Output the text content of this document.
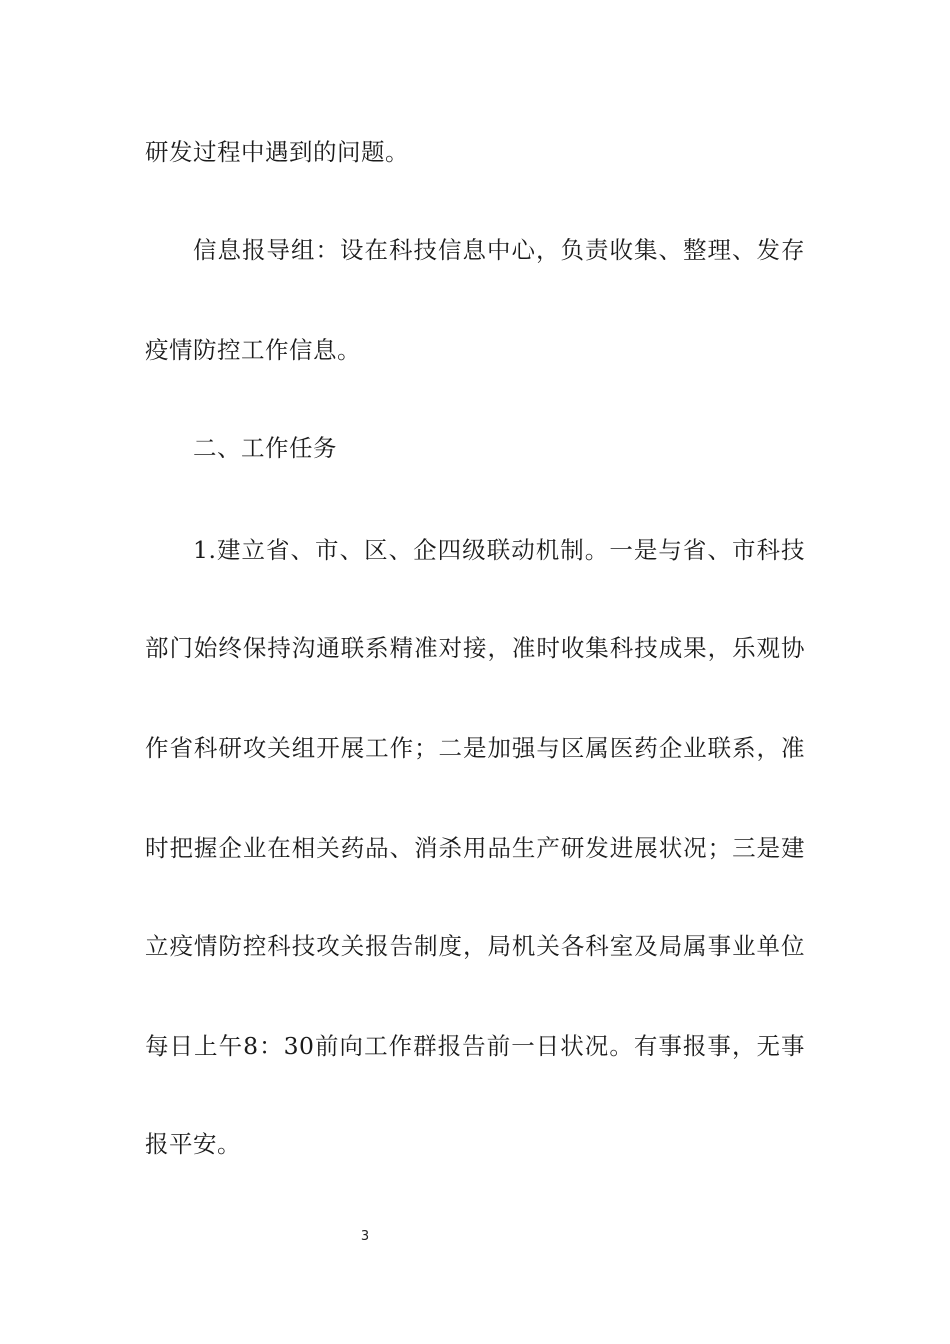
研发过程中遇到的问题。
信息报导组：设在科技信息中心，负责收集、整理、发存
疫情防控工作信息。
二、工作任务
1.建立省、市、区、企四级联动机制。一是与省、市科技
部门始终保持沟通联系精准对接，准时收集科技成果，乐观协
作省科研攻关组开展工作；二是加强与区属医药企业联系，准
时把握企业在相关药品、消杀用品生产研发进展状况；三是建
立疫情防控科技攻关报告制度，局机关各科室及局属事业单位
每日上午8：30前向工作群报告前一日状况。有事报事，无事
报平安。
3
